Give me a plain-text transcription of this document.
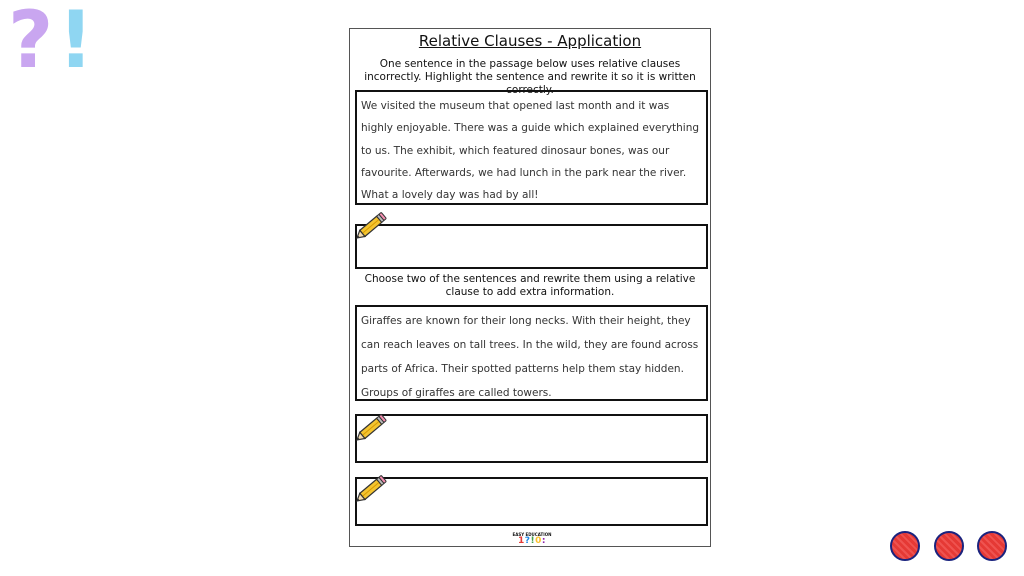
? !	Relative Clauses - Application
One sentence in the passage below uses relative clauses incorrectly. Highlight the sentence and rewrite it so it is written correctly.
We visited the museum that opened last month and it was highly enjoyable. There was a guide which explained everything to us. The exhibit, which featured dinosaur bones, was our favourite. Afterwards, we had lunch in the park near the river. What a lovely day was had by all!
Choose two of the sentences and rewrite them using a relative clause to add extra information.
Giraffes are known for their long necks. With their height, they can reach leaves on tall trees. In the wild, they are found across parts of Africa. Their spotted patterns help them stay hidden. Groups of giraffes are called towers.
EASY EDUCATION
1?!0:
